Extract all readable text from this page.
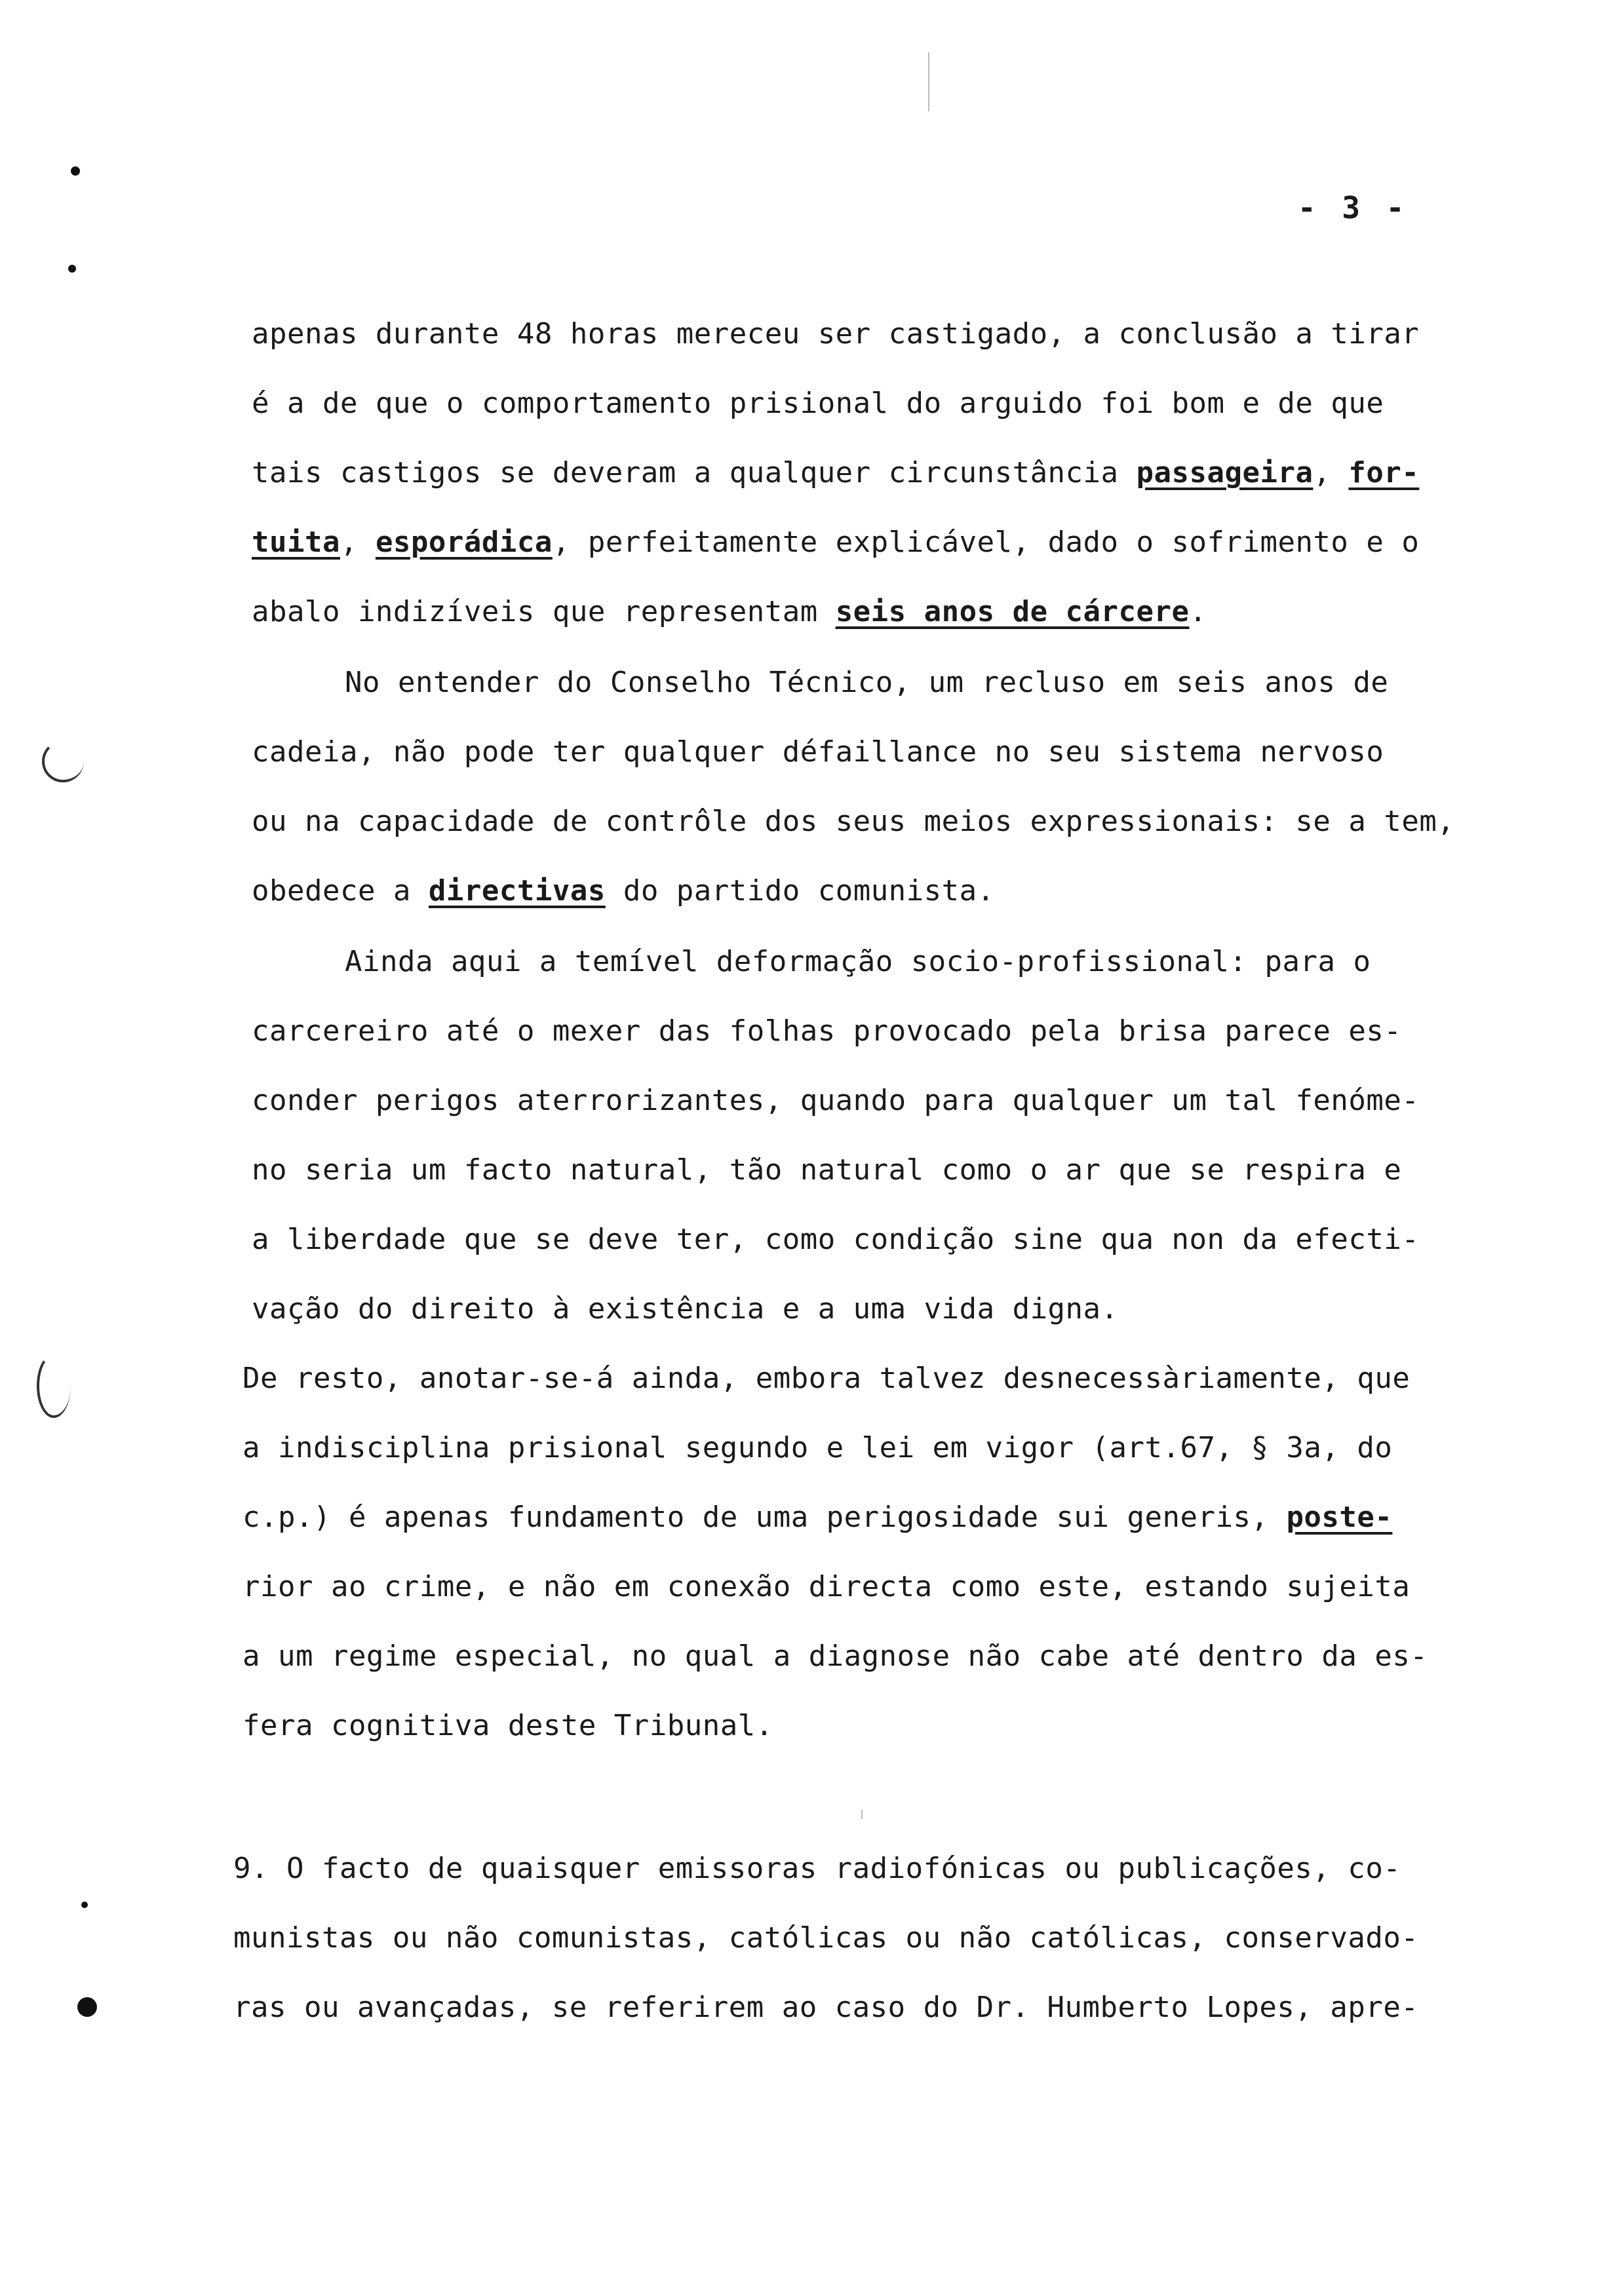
- 3 -
apenas durante 48 horas mereceu ser castigado, a conclusão a tirar
é a de que o comportamento prisional do arguido foi bom e de que
tais castigos se deveram a qualquer circunstância passageira, for-
tuita, esporádica, perfeitamente explicável, dado o sofrimento e o
abalo indizíveis que representam seis anos de cárcere.
No entender do Conselho Técnico, um recluso em seis anos de
cadeia, não pode ter qualquer défaillance no seu sistema nervoso
ou na capacidade de contrôle dos seus meios expressionais: se a tem,
obedece a directivas do partido comunista.
Ainda aqui a temível deformação socio-profissional: para o
carcereiro até o mexer das folhas provocado pela brisa parece es-
conder perigos aterrorizantes, quando para qualquer um tal fenóme-
no seria um facto natural, tão natural como o ar que se respira e
a liberdade que se deve ter, como condição sine qua non da efecti-
vação do direito à existência e a uma vida digna.
De resto, anotar-se-á ainda, embora talvez desnecessàriamente, que
a indisciplina prisional segundo e lei em vigor (art.67, § 3a, do
c.p.) é apenas fundamento de uma perigosidade sui generis, poste-
rior ao crime, e não em conexão directa como este, estando sujeita
a um regime especial, no qual a diagnose não cabe até dentro da es-
fera cognitiva deste Tribunal.
9. O facto de quaisquer emissoras radiofónicas ou publicações, co-
munistas ou não comunistas, católicas ou não católicas, conservado-
ras ou avançadas, se referirem ao caso do Dr. Humberto Lopes, apre-
